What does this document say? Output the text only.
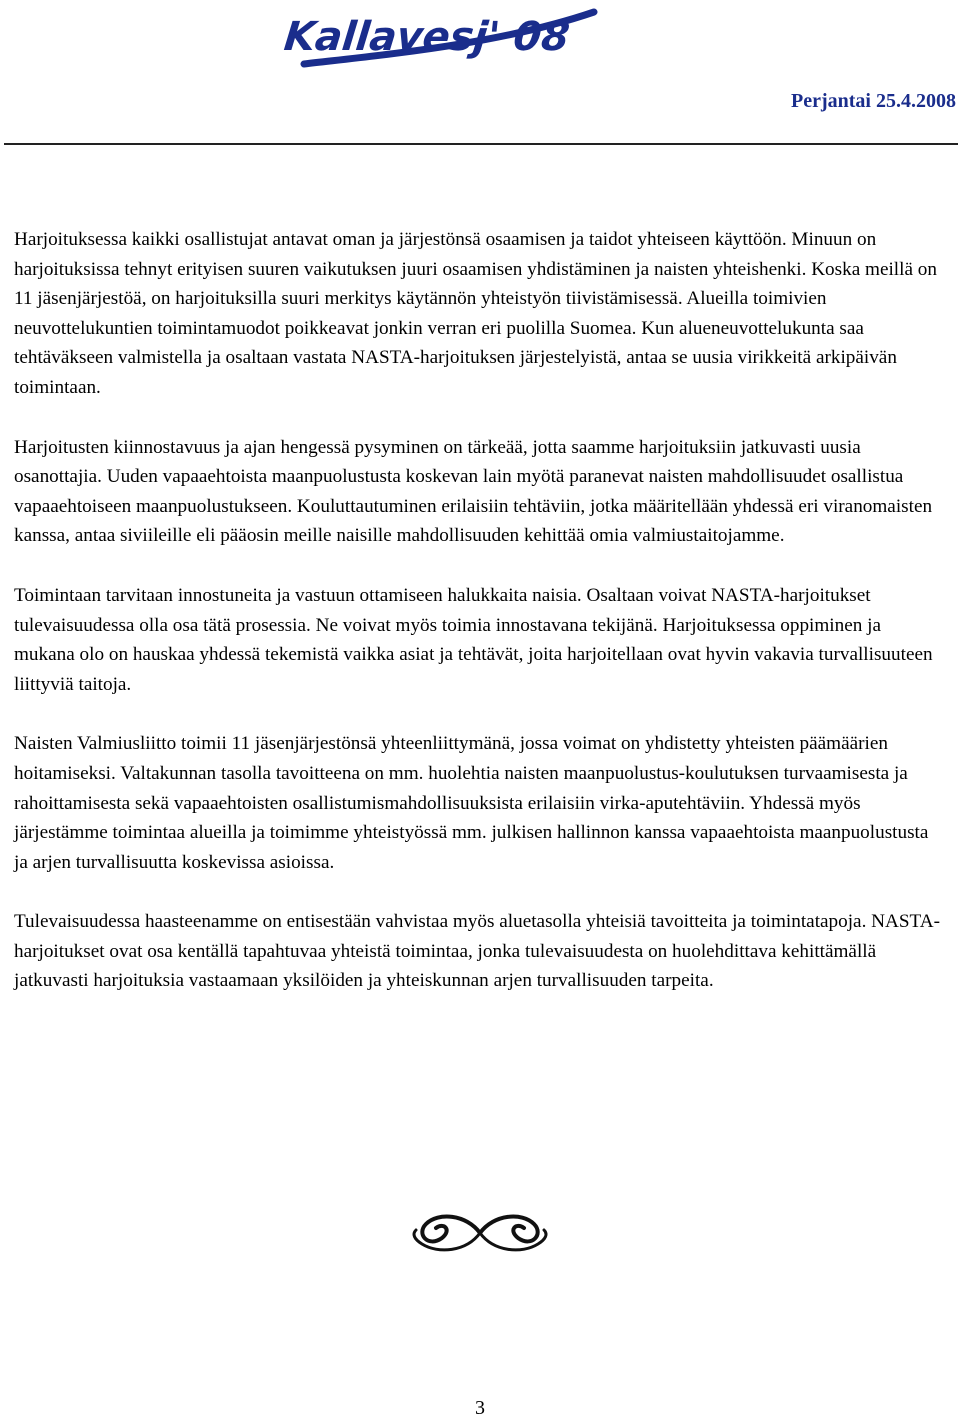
Kallavesj' 08
Perjantai 25.4.2008

Harjoituksessa kaikki osallistujat antavat oman ja järjestönsä osaamisen ja taidot yhteiseen käyttöön. Minuun on harjoituksissa tehnyt erityisen suuren vaikutuksen juuri osaamisen yhdistäminen ja naisten yhteishenki. Koska meillä on 11 jäsenjärjestöä, on harjoituksilla suuri merkitys käytännön yhteistyön tiivistämisessä. Alueilla toimivien neuvottelukuntien toimintamuodot poikkeavat jonkin verran eri puolilla Suomea. Kun alueneuvottelukunta saa tehtäväkseen valmistella ja osaltaan vastata NASTA-harjoituksen järjestelyistä, antaa se uusia virikkeitä arkipäivän toimintaan.

Harjoitusten kiinnostavuus ja ajan hengessä pysyminen on tärkeää, jotta saamme harjoituksiin jatkuvasti uusia osanottajia. Uuden vapaaehtoista maanpuolustusta koskevan lain myötä paranevat naisten mahdollisuudet osallistua vapaaehtoiseen maanpuolustukseen. Kouluttautuminen erilaisiin tehtäviin, jotka määritellään yhdessä eri viranomaisten kanssa, antaa siviileille eli pääosin meille naisille mahdollisuuden kehittää omia valmiustaitojamme.

Toimintaan tarvitaan innostuneita ja vastuun ottamiseen halukkaita naisia. Osaltaan voivat NASTA-harjoitukset tulevaisuudessa olla osa tätä prosessia. Ne voivat myös toimia innostavana tekijänä. Harjoituksessa oppiminen ja mukana olo on hauskaa yhdessä tekemistä vaikka asiat ja tehtävät, joita harjoitellaan ovat hyvin vakavia turvallisuuteen liittyviä taitoja.

Naisten Valmiusliitto toimii 11 jäsenjärjestönsä yhteenliittymänä, jossa voimat on yhdistetty yhteisten päämäärien hoitamiseksi. Valtakunnan tasolla tavoitteena on mm. huolehtia naisten maanpuolustus-koulutuksen turvaamisesta ja rahoittamisesta sekä vapaaehtoisten osallistumismahdollisuuksista erilaisiin virka-aputehtäviin. Yhdessä myös järjestämme toimintaa alueilla ja toimimme yhteistyössä mm. julkisen hallinnon kanssa vapaaehtoista maanpuolustusta ja arjen turvallisuutta koskevissa asioissa.

Tulevaisuudessa haasteenamme on entisestään vahvistaa myös aluetasolla yhteisiä tavoitteita ja toimintatapoja. NASTA-harjoitukset ovat osa kentällä tapahtuvaa yhteistä toimintaa, jonka tulevaisuudesta on huolehdittava kehittämällä jatkuvasti harjoituksia vastaamaan yksilöiden ja yhteiskunnan arjen turvallisuuden tarpeita.

3
